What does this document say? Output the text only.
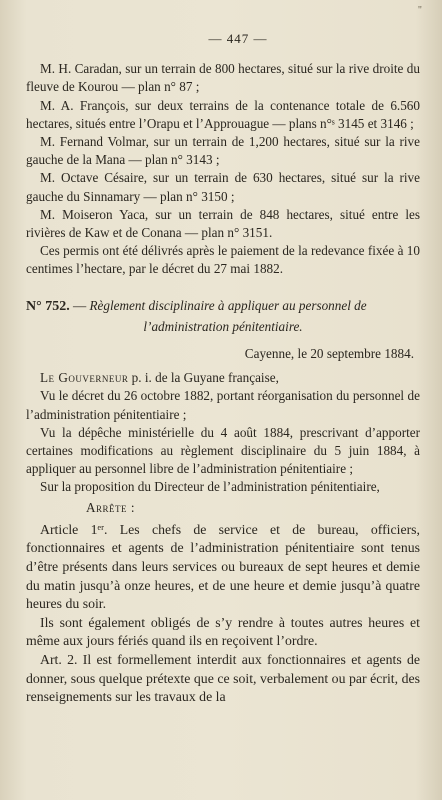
"
— 447 —

M. H. Caradan, sur un terrain de 800 hectares, situé sur la rive droite du fleuve de Kourou — plan n° 87 ;

M. A. François, sur deux terrains de la contenance totale de 6.560 hectares, situés entre l’Orapu et l’Approuague — plans n°ˢ 3145 et 3146 ;

M. Fernand Volmar, sur un terrain de 1,200 hectares, situé sur la rive gauche de la Mana — plan n° 3143 ;

M. Octave Césaire, sur un terrain de 630 hectares, situé sur la rive gauche du Sinnamary — plan n° 3150 ;

M. Moiseron Yaca, sur un terrain de 848 hectares, situé entre les rivières de Kaw et de Conana — plan n° 3151.

Ces permis ont été délivrés après le paiement de la redevance fixée à 10 centimes l’hectare, par le décret du 27 mai 1882.

N° 752. — Règlement disciplinaire à appliquer au personnel de

l’administration pénitentiaire.
Cayenne, le 20 septembre 1884.

Le Gouverneur p. i. de la Guyane française,

Vu le décret du 26 octobre 1882, portant réorganisation du personnel de l’administration pénitentiaire ;

Vu la dépêche ministérielle du 4 août 1884, prescrivant d’apporter certaines modifications au règlement disciplinaire du 5 juin 1884, à appliquer au personnel libre de l’administration pénitentiaire ;

Sur la proposition du Directeur de l’administration pénitentiaire,

Arrête :

Article 1ᵉʳ. Les chefs de service et de bureau, officiers, fonctionnaires et agents de l’administration pénitentiaire sont tenus d’être présents dans leurs services ou bureaux de sept heures et demie du matin jusqu’à onze heures, et de une heure et demie jusqu’à quatre heures du soir.

Ils sont également obligés de s’y rendre à toutes autres heures et même aux jours fériés quand ils en reçoivent l’ordre.

Art. 2. Il est formellement interdit aux fonctionnaires et agents de donner, sous quelque prétexte que ce soit, verbalement ou par écrit, des renseignements sur les travaux de la
